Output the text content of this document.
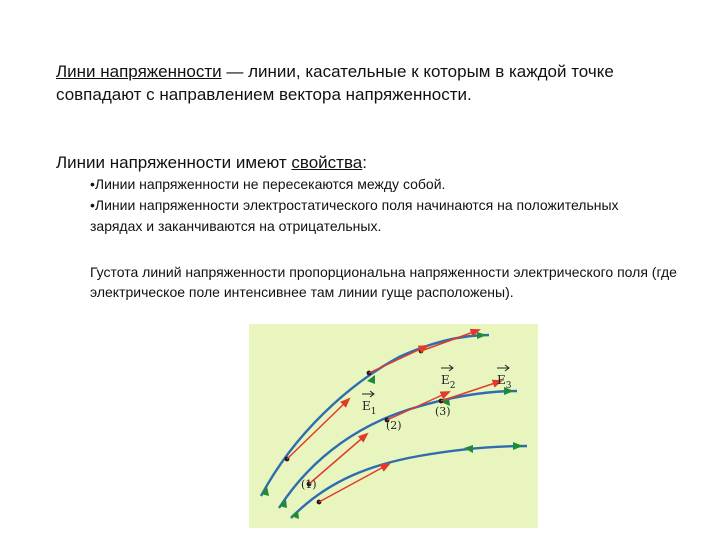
Лини напряженности — линии, касательные к которым в каждой точке совпадают с направлением вектора напряженности.
Линии напряженности имеют свойства:

•Линии напряженности не пересекаются между собой.

•Линии напряженности электростатического поля начинаются на положительных зарядах и заканчиваются на отрицательных.

Густота линий напряженности пропорциональна напряженности электрического поля (где электрическое поле интенсивнее там линии гуще расположены).
$E_1$
$E_2$	$E_3$
(1)
(2)
(3)
